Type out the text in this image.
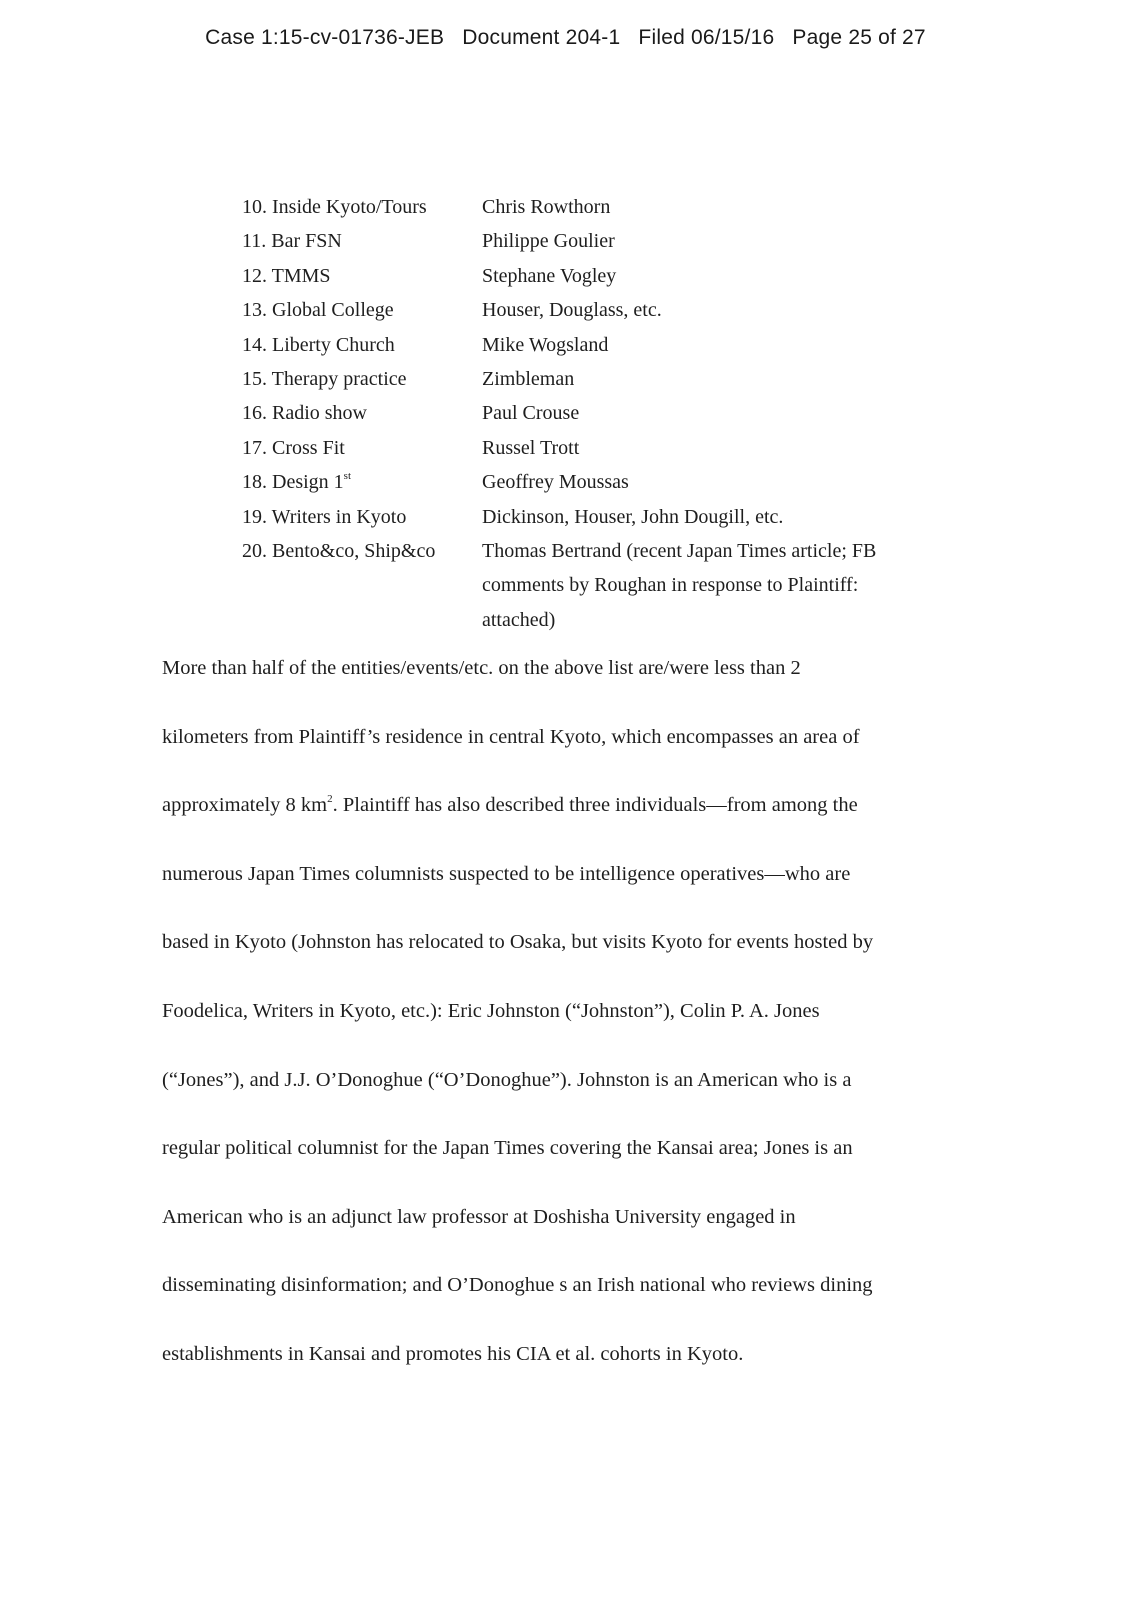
Case 1:15-cv-01736-JEB   Document 204-1   Filed 06/15/16   Page 25 of 27
10. Inside Kyoto/Tours	Chris Rowthorn
11. Bar FSN	Philippe Goulier
12. TMMS	Stephane Vogley
13. Global College	Houser, Douglass, etc.
14. Liberty Church	Mike Wogsland
15. Therapy practice	Zimbleman
16. Radio show	Paul Crouse
17. Cross Fit	Russel Trott
18. Design 1st	Geoffrey Moussas
19. Writers in Kyoto	Dickinson, Houser, John Dougill, etc.
20. Bento&co, Ship&co	Thomas Bertrand (recent Japan Times article; FB
comments by Roughan in response to Plaintiff:
attached)
More than half of the entities/events/etc. on the above list are/were less than 2
kilometers from Plaintiff’s residence in central Kyoto, which encompasses an area of
approximately 8 $km^2$. Plaintiff has also described three individuals—from among the
numerous Japan Times columnists suspected to be intelligence operatives—who are
based in Kyoto (Johnston has relocated to Osaka, but visits Kyoto for events hosted by
Foodelica, Writers in Kyoto, etc.): Eric Johnston (“Johnston”), Colin P. A. Jones
(“Jones”), and J.J. O’Donoghue (“O’Donoghue”). Johnston is an American who is a
regular political columnist for the Japan Times covering the Kansai area; Jones is an
American who is an adjunct law professor at Doshisha University engaged in
disseminating disinformation; and O’Donoghue s an Irish national who reviews dining
establishments in Kansai and promotes his CIA et al. cohorts in Kyoto.
